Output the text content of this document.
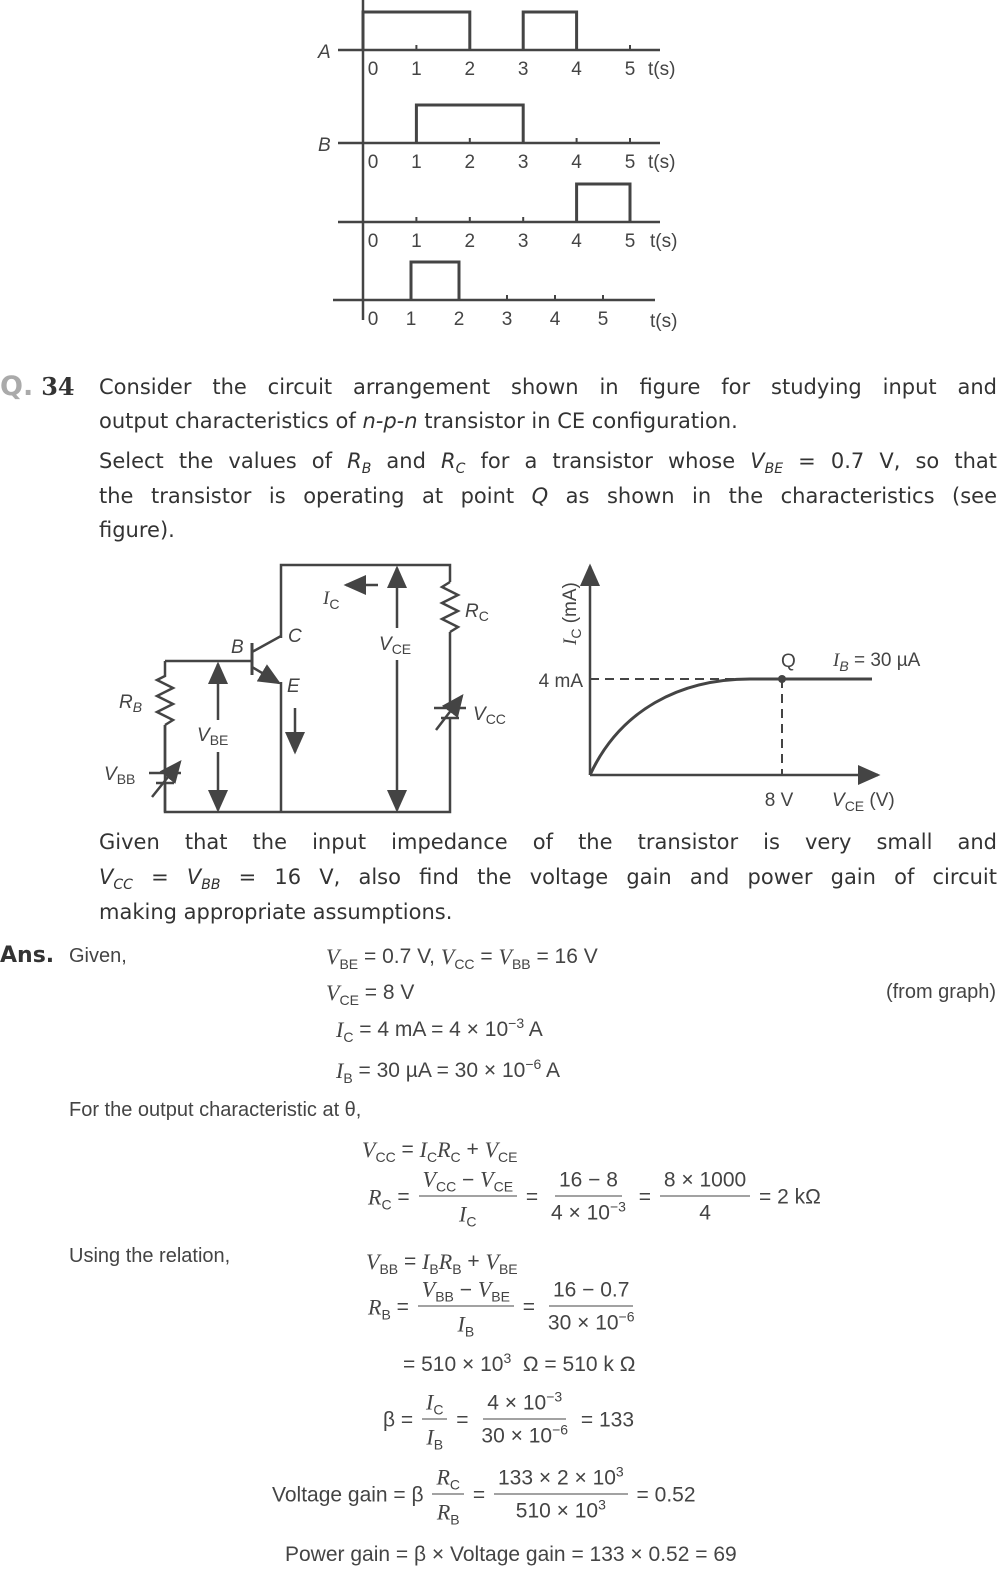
A
B
0 1 2 3 4 5 t(s)
0 1 2 3 4 5 t(s)
0 1 2 3 4 5 t(s)
0 1 2 3 4 5 t(s)
Q. 34 Consider the circuit arrangement shown in figure for studying input and
output characteristics of n-p-n transistor in CE configuration.
Select the values of $R_B$ and $R_C$ for a transistor whose $V_{BE} = 0.7$ V, so that
the transistor is operating at point Q as shown in the characteristics (see
figure).
Given that the input impedance of the transistor is very small and
$V_{CC} = V_{BB} = 16$ V, also find the voltage gain and power gain of circuit
making appropriate assumptions.
$I_C$
$V_{CE}$
$R_C$
$R_B$
$V_{BE}$
$V_{BB}$
$V_{CC}$
B
C
E
$I_C$ (mA)
4 mA
Q $I_B = 30$ µA
8 V $V_{CE}$ (V)
Ans. Given,
(from graph)
For the output characteristic at θ,
Using the relation,
$V_{BE} = 0.7$ V, $V_{CC} = V_{BB} = 16$ V
$V_{CE} = 8$ V
$I_C = 4$ mA = $4 \times 10^{-3}$ A
$I_B = 30$ $\mu A = 30 \times 10^{-6}$ A
$V_{CC} = I_C$ $R_C + V_{CE}$
$R_C = \frac{V_{CC} - V_{CE}}{I_C} = \frac{16 - 8}{4 \times 10^{-3}} = \frac{8 \times 1000}{4} = 2$ kΩ
$V_{BB} = I_B$ $R_B + V_{BE}$
$R_B = \frac{V_{BB} - V_{BE}}{I_B} = \frac{16 - 0.7}{30 \times 10^{-6}}$
= $510 \times 10^3$ Ω = 510 k Ω
$\beta = \frac{I_C}{I_B} = \frac{4 \times 10^{-3}}{30 \times 10^{-6}} = 133$
Voltage gain = β $\frac{R_C}{R_B} = \frac{133 \times 2 \times 10^3}{510 \times 10^3} = 0.52$
Power gain = β × Voltage gain = 133 × 0.52 = 69
